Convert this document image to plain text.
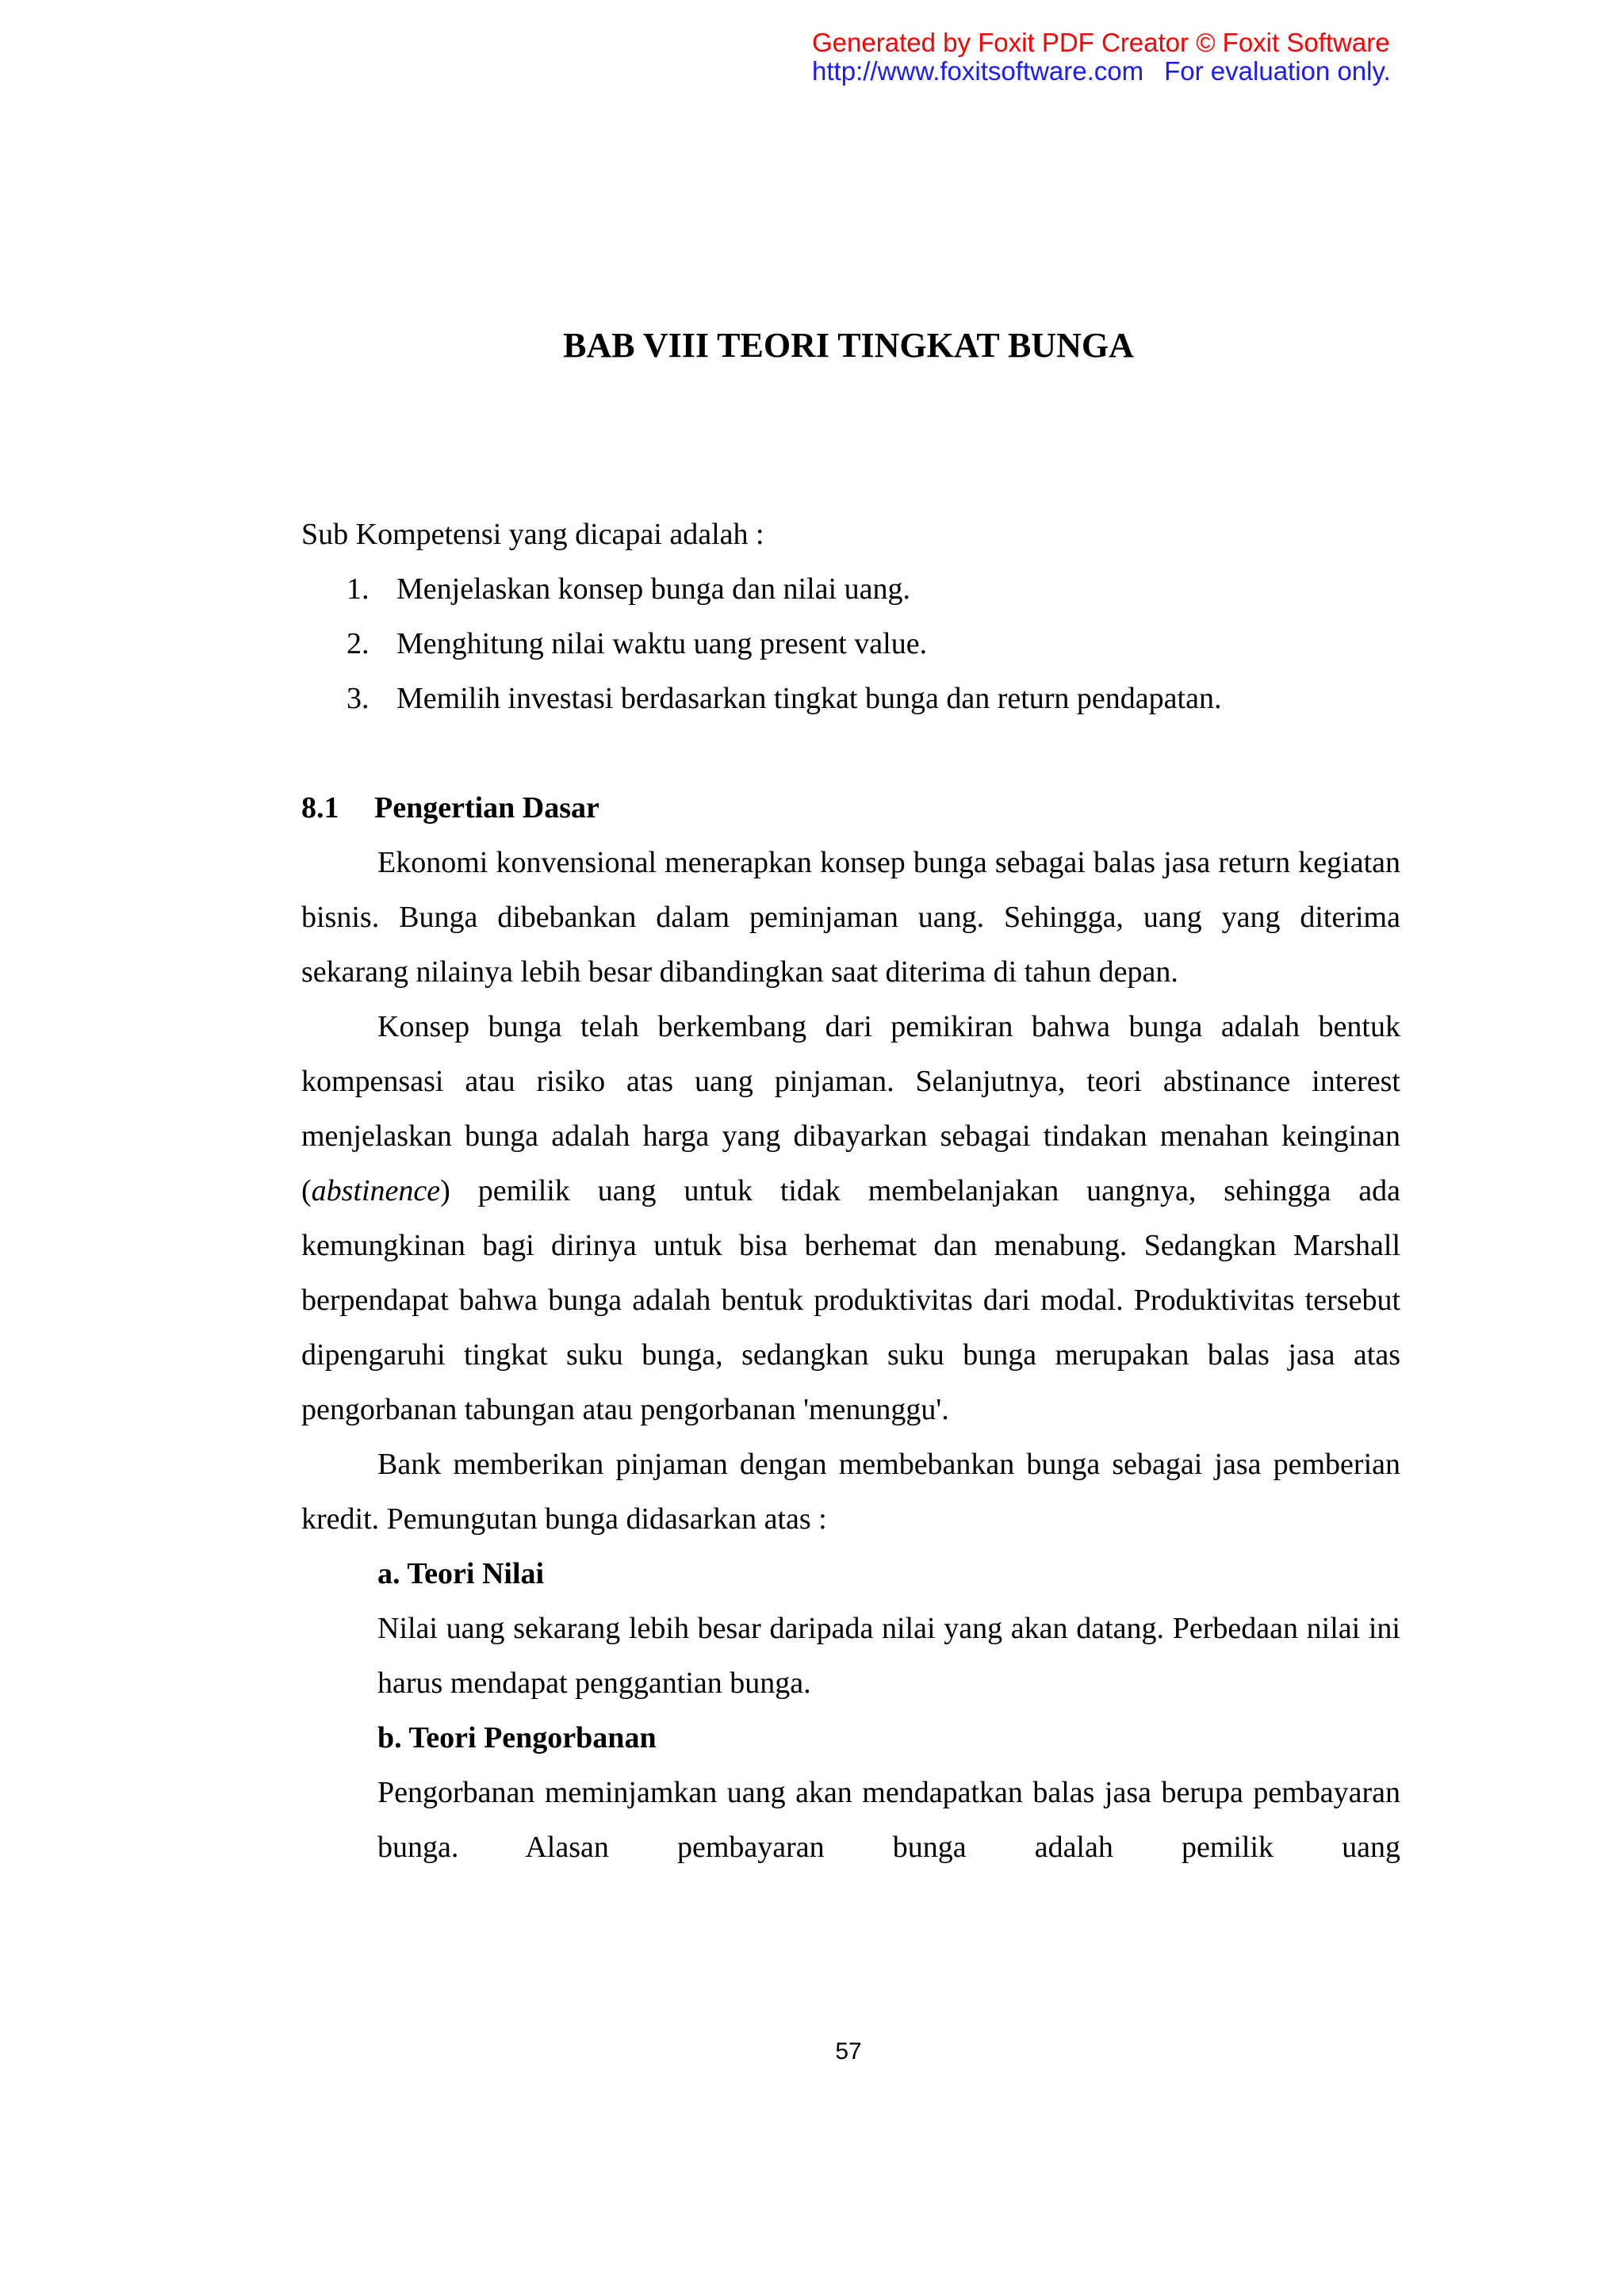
Generated by Foxit PDF Creator © Foxit Software
http://www.foxitsoftware.com For evaluation only.
BAB VIII TEORI TINGKAT BUNGA

Sub Kompetensi yang dicapai adalah :

1. Menjelaskan konsep bunga dan nilai uang.
2. Menghitung nilai waktu uang present value.
3. Memilih investasi berdasarkan tingkat bunga dan return pendapatan.

8.1 Pengertian Dasar

Ekonomi konvensional menerapkan konsep bunga sebagai balas jasa return kegiatan bisnis. Bunga dibebankan dalam peminjaman uang. Sehingga, uang yang diterima sekarang nilainya lebih besar dibandingkan saat diterima di tahun depan.

Konsep bunga telah berkembang dari pemikiran bahwa bunga adalah bentuk kompensasi atau risiko atas uang pinjaman. Selanjutnya, teori abstinance interest menjelaskan bunga adalah harga yang dibayarkan sebagai tindakan menahan keinginan (abstinence) pemilik uang untuk tidak membelanjakan uangnya, sehingga ada kemungkinan bagi dirinya untuk bisa berhemat dan menabung. Sedangkan Marshall berpendapat bahwa bunga adalah bentuk produktivitas dari modal. Produktivitas tersebut dipengaruhi tingkat suku bunga, sedangkan suku bunga merupakan balas jasa atas pengorbanan tabungan atau pengorbanan 'menunggu'.

Bank memberikan pinjaman dengan membebankan bunga sebagai jasa pemberian kredit. Pemungutan bunga didasarkan atas :

a. Teori Nilai

Nilai uang sekarang lebih besar daripada nilai yang akan datang. Perbedaan nilai ini harus mendapat penggantian bunga.

b. Teori Pengorbanan

Pengorbanan meminjamkan uang akan mendapatkan balas jasa berupa pembayaran bunga. Alasan pembayaran bunga adalah pemilik uang

57
